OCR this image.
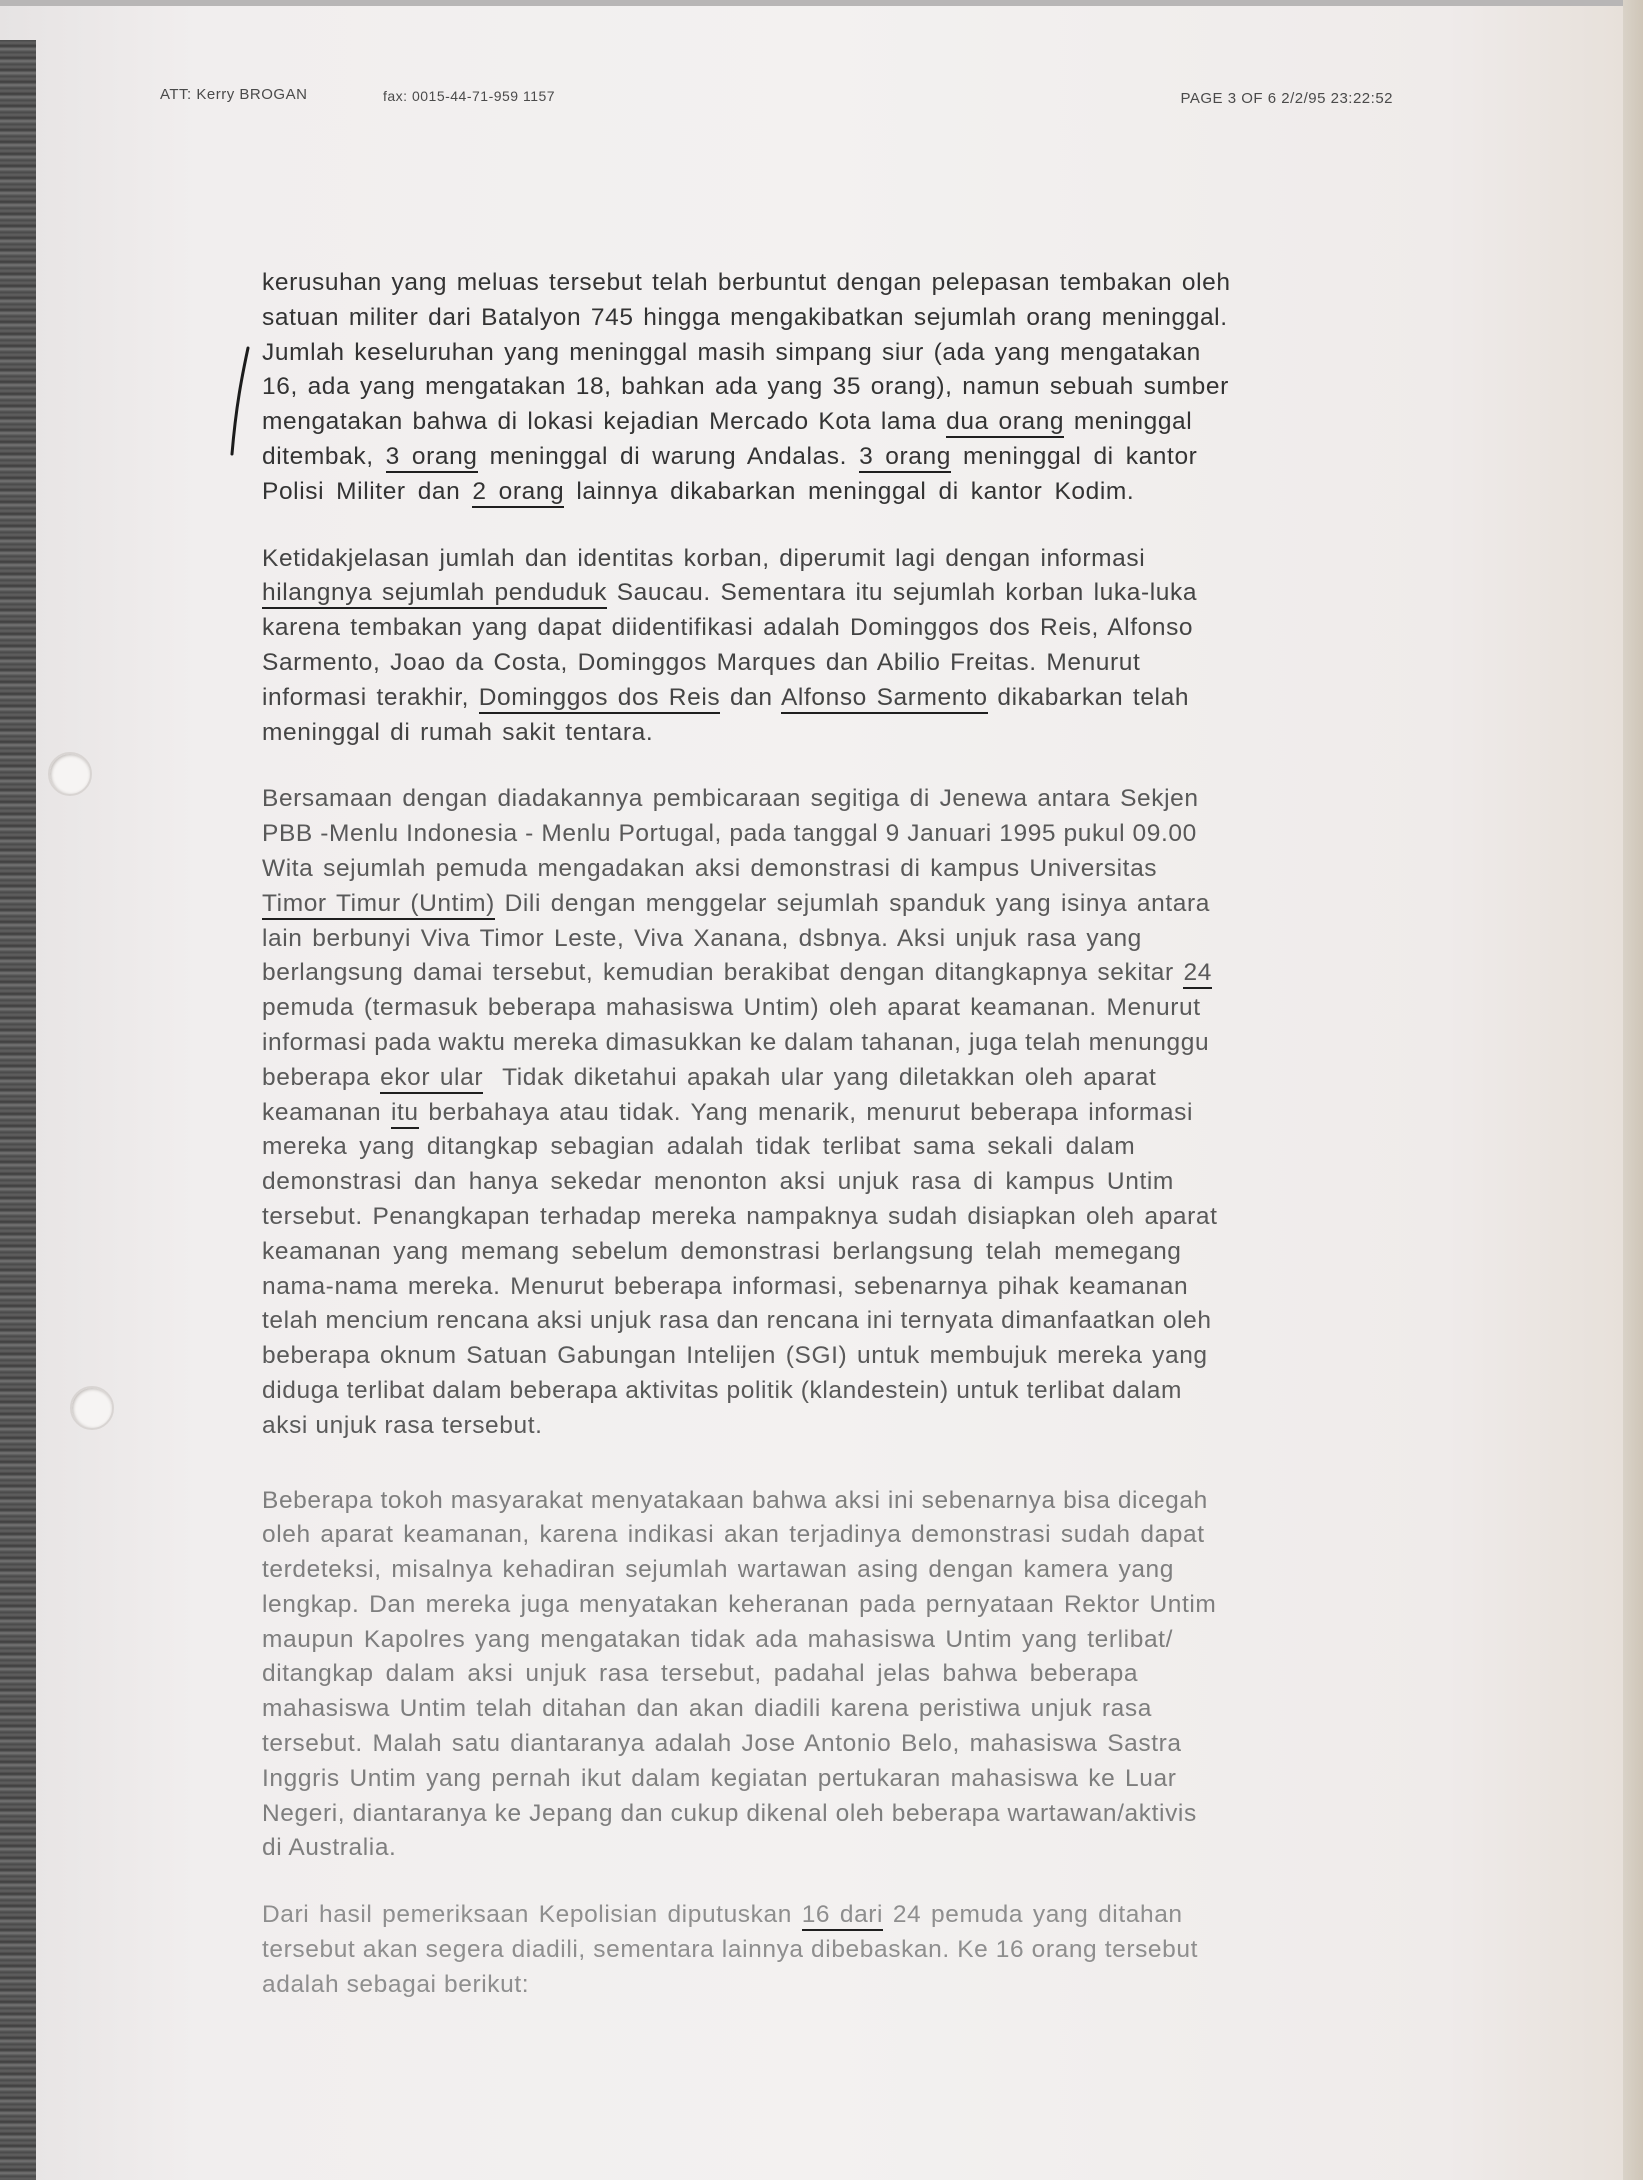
ATT: Kerry BROGAN	fax: 0015-44-71-959 1157	PAGE 3 OF 6 2/2/95 23:22:52
kerusuhan yang meluas tersebut telah berbuntut dengan pelepasan tembakan oleh
satuan militer dari Batalyon 745 hingga mengakibatkan sejumlah orang meninggal.
Jumlah keseluruhan yang meninggal masih simpang siur (ada yang mengatakan
16, ada yang mengatakan 18, bahkan ada yang 35 orang), namun sebuah sumber
mengatakan bahwa di lokasi kejadian Mercado Kota lama dua orang meninggal
ditembak, 3 orang meninggal di warung Andalas. 3 orang meninggal di kantor
Polisi Militer dan 2 orang lainnya dikabarkan meninggal di kantor Kodim.
Ketidakjelasan jumlah dan identitas korban, diperumit lagi dengan informasi
hilangnya sejumlah penduduk Saucau. Sementara itu sejumlah korban luka-luka
karena tembakan yang dapat diidentifikasi adalah Dominggos dos Reis, Alfonso
Sarmento, Joao da Costa, Dominggos Marques dan Abilio Freitas. Menurut
informasi terakhir, Dominggos dos Reis dan Alfonso Sarmento dikabarkan telah
meninggal di rumah sakit tentara.
Bersamaan dengan diadakannya pembicaraan segitiga di Jenewa antara Sekjen
PBB -Menlu Indonesia - Menlu Portugal, pada tanggal 9 Januari 1995 pukul 09.00
Wita sejumlah pemuda mengadakan aksi demonstrasi di kampus Universitas
Timor Timur (Untim) Dili dengan menggelar sejumlah spanduk yang isinya antara
lain berbunyi Viva Timor Leste, Viva Xanana, dsbnya. Aksi unjuk rasa yang
berlangsung damai tersebut, kemudian berakibat dengan ditangkapnya sekitar 24
pemuda (termasuk beberapa mahasiswa Untim) oleh aparat keamanan. Menurut
informasi pada waktu mereka dimasukkan ke dalam tahanan, juga telah menunggu
beberapa ekor ular Tidak diketahui apakah ular yang diletakkan oleh aparat
keamanan itu berbahaya atau tidak. Yang menarik, menurut beberapa informasi
mereka yang ditangkap sebagian adalah tidak terlibat sama sekali dalam
demonstrasi dan hanya sekedar menonton aksi unjuk rasa di kampus Untim
tersebut. Penangkapan terhadap mereka nampaknya sudah disiapkan oleh aparat
keamanan yang memang sebelum demonstrasi berlangsung telah memegang
nama-nama mereka. Menurut beberapa informasi, sebenarnya pihak keamanan
telah mencium rencana aksi unjuk rasa dan rencana ini ternyata dimanfaatkan oleh
beberapa oknum Satuan Gabungan Intelijen (SGI) untuk membujuk mereka yang
diduga terlibat dalam beberapa aktivitas politik (klandestein) untuk terlibat dalam
aksi unjuk rasa tersebut.
Beberapa tokoh masyarakat menyatakaan bahwa aksi ini sebenarnya bisa dicegah
oleh aparat keamanan, karena indikasi akan terjadinya demonstrasi sudah dapat
terdeteksi, misalnya kehadiran sejumlah wartawan asing dengan kamera yang
lengkap. Dan mereka juga menyatakan keheranan pada pernyataan Rektor Untim
maupun Kapolres yang mengatakan tidak ada mahasiswa Untim yang terlibat/
ditangkap dalam aksi unjuk rasa tersebut, padahal jelas bahwa beberapa
mahasiswa Untim telah ditahan dan akan diadili karena peristiwa unjuk rasa
tersebut. Malah satu diantaranya adalah Jose Antonio Belo, mahasiswa Sastra
Inggris Untim yang pernah ikut dalam kegiatan pertukaran mahasiswa ke Luar
Negeri, diantaranya ke Jepang dan cukup dikenal oleh beberapa wartawan/aktivis
di Australia.
Dari hasil pemeriksaan Kepolisian diputuskan 16 dari 24 pemuda yang ditahan
tersebut akan segera diadili, sementara lainnya dibebaskan. Ke 16 orang tersebut
adalah sebagai berikut:
